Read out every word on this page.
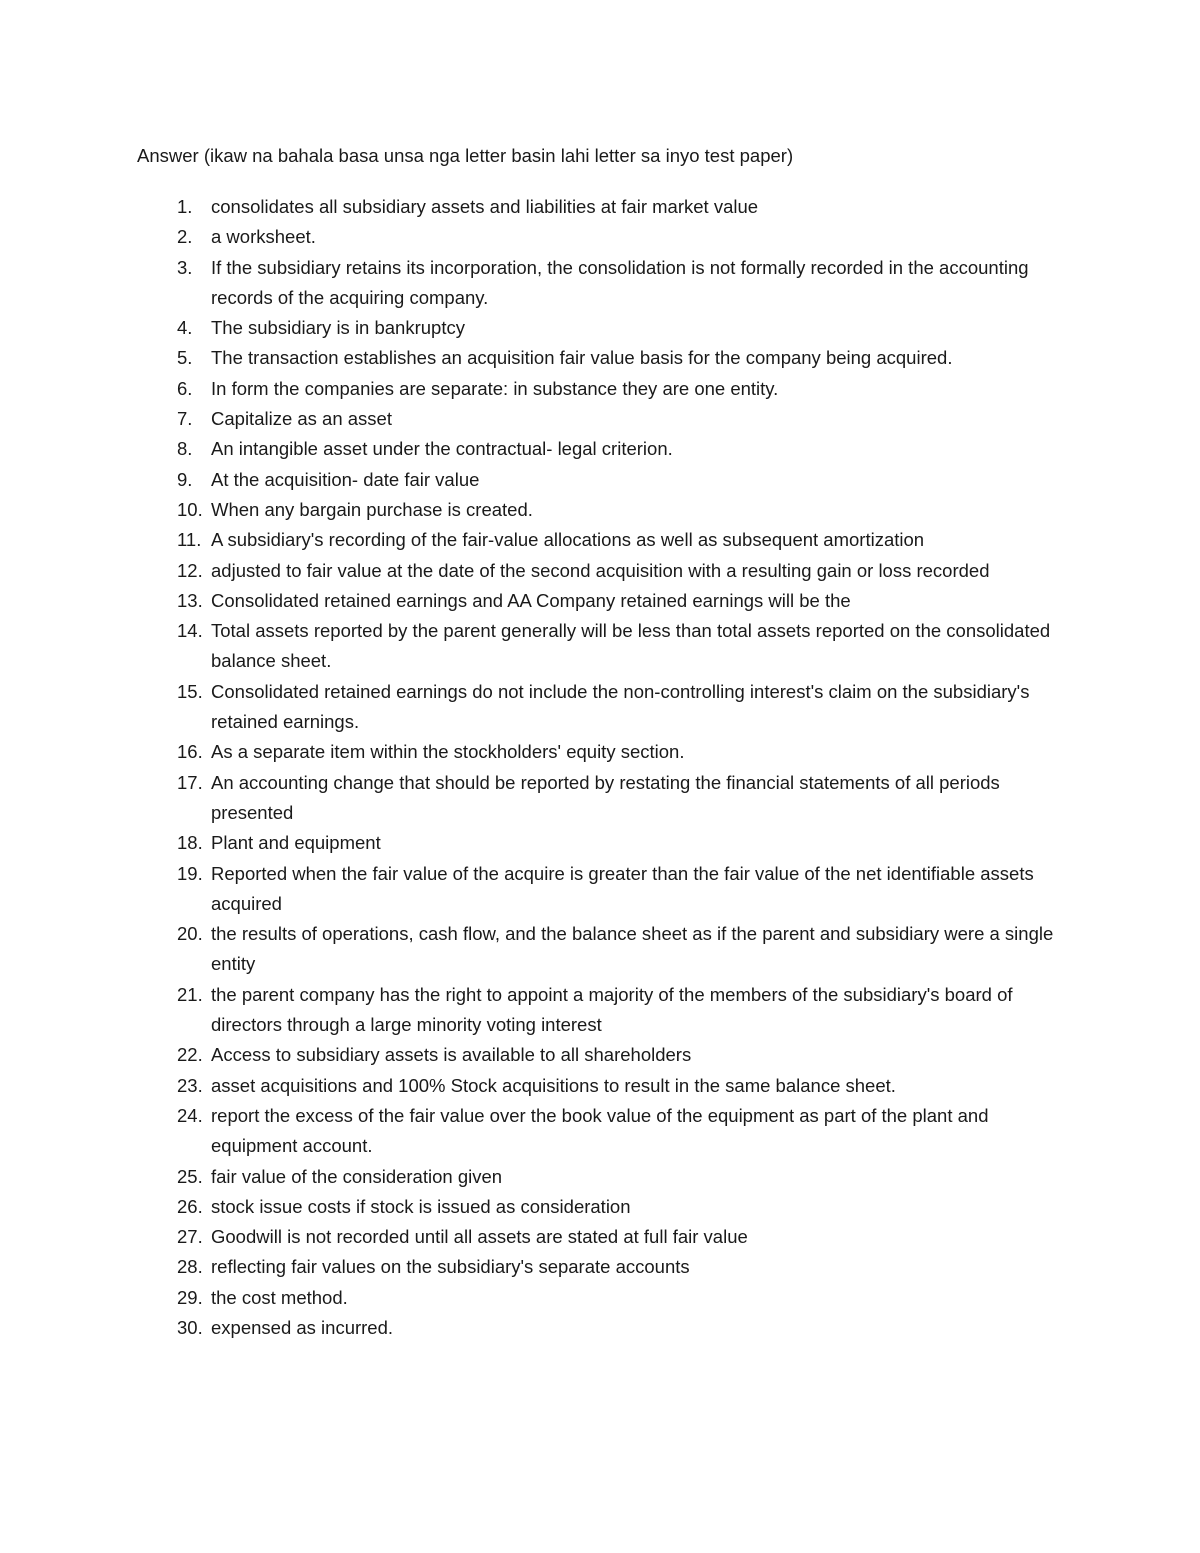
Answer (ikaw na bahala basa unsa nga letter basin lahi letter sa inyo test paper)
1. consolidates all subsidiary assets and liabilities at fair market value
2. a worksheet.
3. If the subsidiary retains its incorporation, the consolidation is not formally recorded in the accounting records of the acquiring company.
4. The subsidiary is in bankruptcy
5. The transaction establishes an acquisition fair value basis for the company being acquired.
6. In form the companies are separate: in substance they are one entity.
7. Capitalize as an asset
8. An intangible asset under the contractual- legal criterion.
9. At the acquisition- date fair value
10. When any bargain purchase is created.
11. A subsidiary's recording of the fair-value allocations as well as subsequent amortization
12. adjusted to fair value at the date of the second acquisition with a resulting gain or loss recorded
13. Consolidated retained earnings and AA Company retained earnings will be the
14. Total assets reported by the parent generally will be less than total assets reported on the consolidated balance sheet.
15. Consolidated retained earnings do not include the non-controlling interest's claim on the subsidiary's retained earnings.
16. As a separate item within the stockholders' equity section.
17. An accounting change that should be reported by restating the financial statements of all periods presented
18. Plant and equipment
19. Reported when the fair value of the acquire is greater than the fair value of the net identifiable assets acquired
20. the results of operations, cash flow, and the balance sheet as if the parent and subsidiary were a single entity
21. the parent company has the right to appoint a majority of the members of the subsidiary's board of directors through a large minority voting interest
22. Access to subsidiary assets is available to all shareholders
23. asset acquisitions and 100% Stock acquisitions to result in the same balance sheet.
24. report the excess of the fair value over the book value of the equipment as part of the plant and equipment account.
25. fair value of the consideration given
26. stock issue costs if stock is issued as consideration
27. Goodwill is not recorded until all assets are stated at full fair value
28. reflecting fair values on the subsidiary's separate accounts
29. the cost method.
30. expensed as incurred.
